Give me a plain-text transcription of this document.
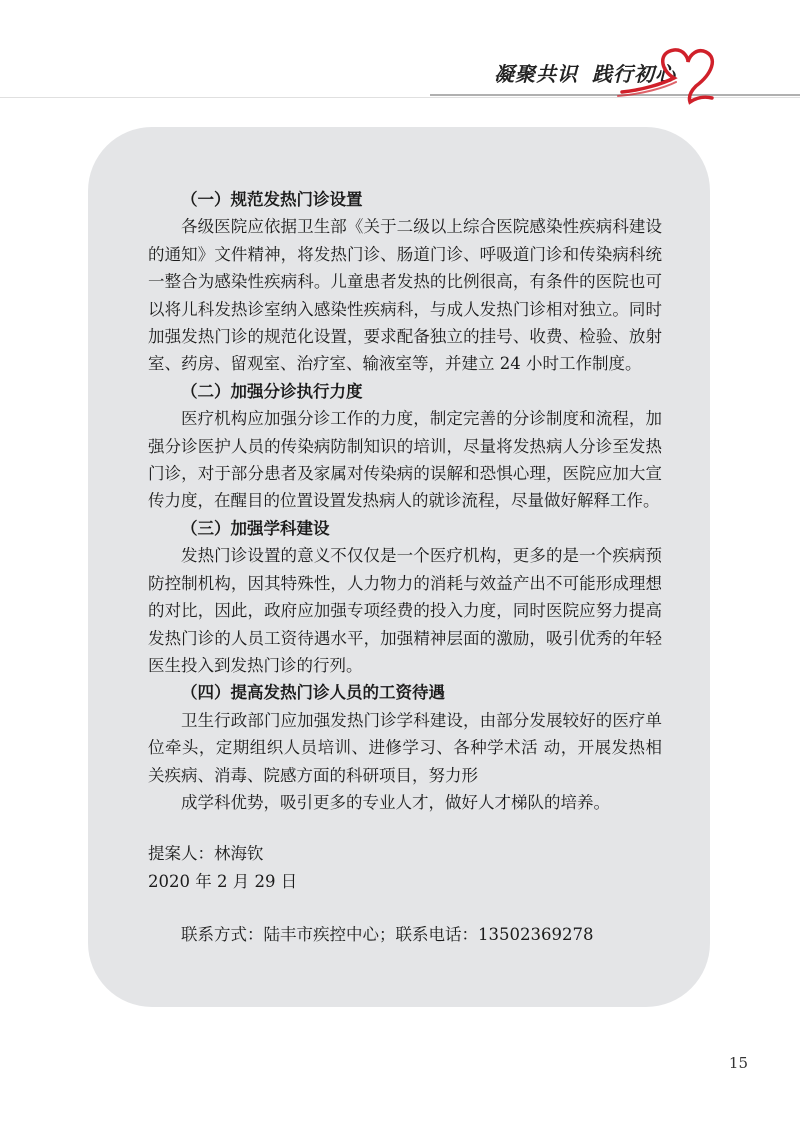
凝聚共识 践行初心
（一）规范发热门诊设置

各级医院应依据卫生部《关于二级以上综合医院感染性疾病科建设的通知》文件精神，将发热门诊、肠道门诊、呼吸道门诊和传染病科统一整合为感染性疾病科。儿童患者发热的比例很高，有条件的医院也可以将儿科发热诊室纳入感染性疾病科，与成人发热门诊相对独立。同时加强发热门诊的规范化设置，要求配备独立的挂号、收费、检验、放射室、药房、留观室、治疗室、输液室等，并建立 24 小时工作制度。

（二）加强分诊执行力度

医疗机构应加强分诊工作的力度，制定完善的分诊制度和流程，加强分诊医护人员的传染病防制知识的培训，尽量将发热病人分诊至发热门诊，对于部分患者及家属对传染病的误解和恐惧心理，医院应加大宣传力度，在醒目的位置设置发热病人的就诊流程，尽量做好解释工作。

（三）加强学科建设

发热门诊设置的意义不仅仅是一个医疗机构，更多的是一个疾病预防控制机构，因其特殊性，人力物力的消耗与效益产出不可能形成理想的对比，因此，政府应加强专项经费的投入力度，同时医院应努力提高发热门诊的人员工资待遇水平，加强精神层面的激励，吸引优秀的年轻医生投入到发热门诊的行列。

（四）提高发热门诊人员的工资待遇

卫生行政部门应加强发热门诊学科建设，由部分发展较好的医疗单位牵头，定期组织人员培训、进修学习、各种学术活 动，开展发热相关疾病、消毒、院感方面的科研项目，努力形

成学科优势，吸引更多的专业人才，做好人才梯队的培养。

提案人：林海钦

2020 年 2 月 29 日

联系方式：陆丰市疾控中心；联系电话：13502369278

15
